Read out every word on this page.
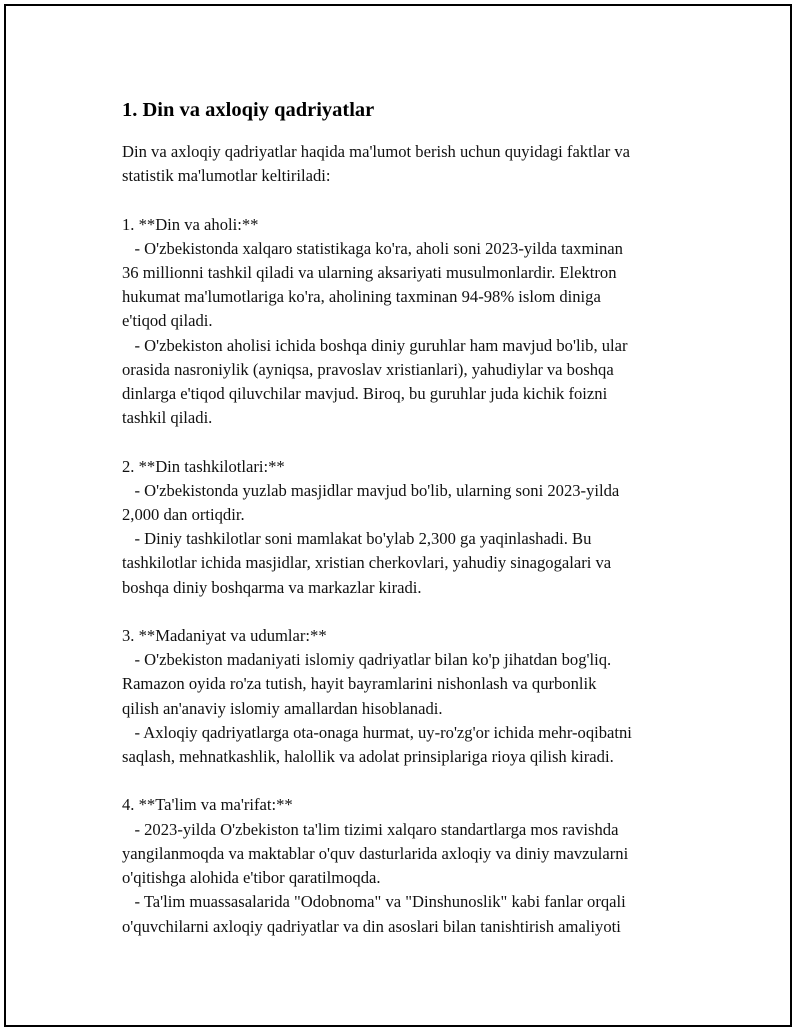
1. Din va axloqiy qadriyatlar

Din va axloqiy qadriyatlar haqida ma'lumot berish uchun quyidagi faktlar va
statistik ma'lumotlar keltiriladi:

1. **Din va aholi:**
- O'zbekistonda xalqaro statistikaga ko'ra, aholi soni 2023-yilda taxminan
36 millionni tashkil qiladi va ularning aksariyati musulmonlardir. Elektron
hukumat ma'lumotlariga ko'ra, aholining taxminan 94-98% islom diniga
e'tiqod qiladi.
- O'zbekiston aholisi ichida boshqa diniy guruhlar ham mavjud bo'lib, ular
orasida nasroniylik (ayniqsa, pravoslav xristianlari), yahudiylar va boshqa
dinlarga e'tiqod qiluvchilar mavjud. Biroq, bu guruhlar juda kichik foizni
tashkil qiladi.

2. **Din tashkilotlari:**
- O'zbekistonda yuzlab masjidlar mavjud bo'lib, ularning soni 2023-yilda
2,000 dan ortiqdir.
- Diniy tashkilotlar soni mamlakat bo'ylab 2,300 ga yaqinlashadi. Bu
tashkilotlar ichida masjidlar, xristian cherkovlari, yahudiy sinagogalari va
boshqa diniy boshqarma va markazlar kiradi.

3. **Madaniyat va udumlar:**
- O'zbekiston madaniyati islomiy qadriyatlar bilan ko'p jihatdan bog'liq.
Ramazon oyida ro'za tutish, hayit bayramlarini nishonlash va qurbonlik
qilish an'anaviy islomiy amallardan hisoblanadi.
- Axloqiy qadriyatlarga ota-onaga hurmat, uy-ro'zg'or ichida mehr-oqibatni
saqlash, mehnatkashlik, halollik va adolat prinsiplariga rioya qilish kiradi.

4. **Ta'lim va ma'rifat:**
- 2023-yilda O'zbekiston ta'lim tizimi xalqaro standartlarga mos ravishda
yangilanmoqda va maktablar o'quv dasturlarida axloqiy va diniy mavzularni
o'qitishga alohida e'tibor qaratilmoqda.
- Ta'lim muassasalarida "Odobnoma" va "Dinshunoslik" kabi fanlar orqali
o'quvchilarni axloqiy qadriyatlar va din asoslari bilan tanishtirish amaliyoti
